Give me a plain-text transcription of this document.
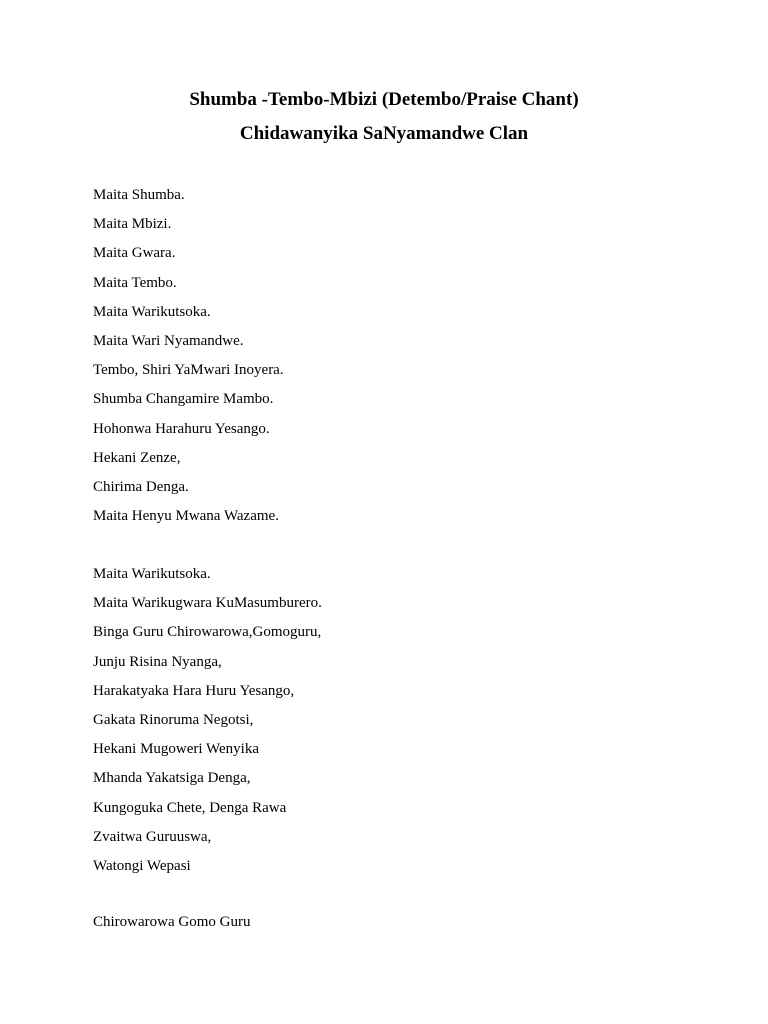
Shumba -Tembo-Mbizi (Detembo/Praise Chant)
Chidawanyika SaNyamandwe Clan
Maita Shumba.
Maita Mbizi.
Maita Gwara.
Maita Tembo.
Maita Warikutsoka.
Maita Wari Nyamandwe.
Tembo, Shiri YaMwari Inoyera.
Shumba Changamire Mambo.
Hohonwa Harahuru Yesango.
Hekani Zenze,
Chirima Denga.
Maita Henyu Mwana Wazame.
Maita Warikutsoka.
Maita Warikugwara KuMasumburero.
Binga Guru Chirowarowa,Gomoguru,
Junju Risina Nyanga,
Harakatyaka Hara Huru Yesango,
Gakata Rinoruma Negotsi,
Hekani Mugoweri Wenyika
Mhanda Yakatsiga Denga,
Kungoguka Chete, Denga Rawa
Zvaitwa Guruuswa,
Watongi Wepasi
Chirowarowa Gomo Guru
